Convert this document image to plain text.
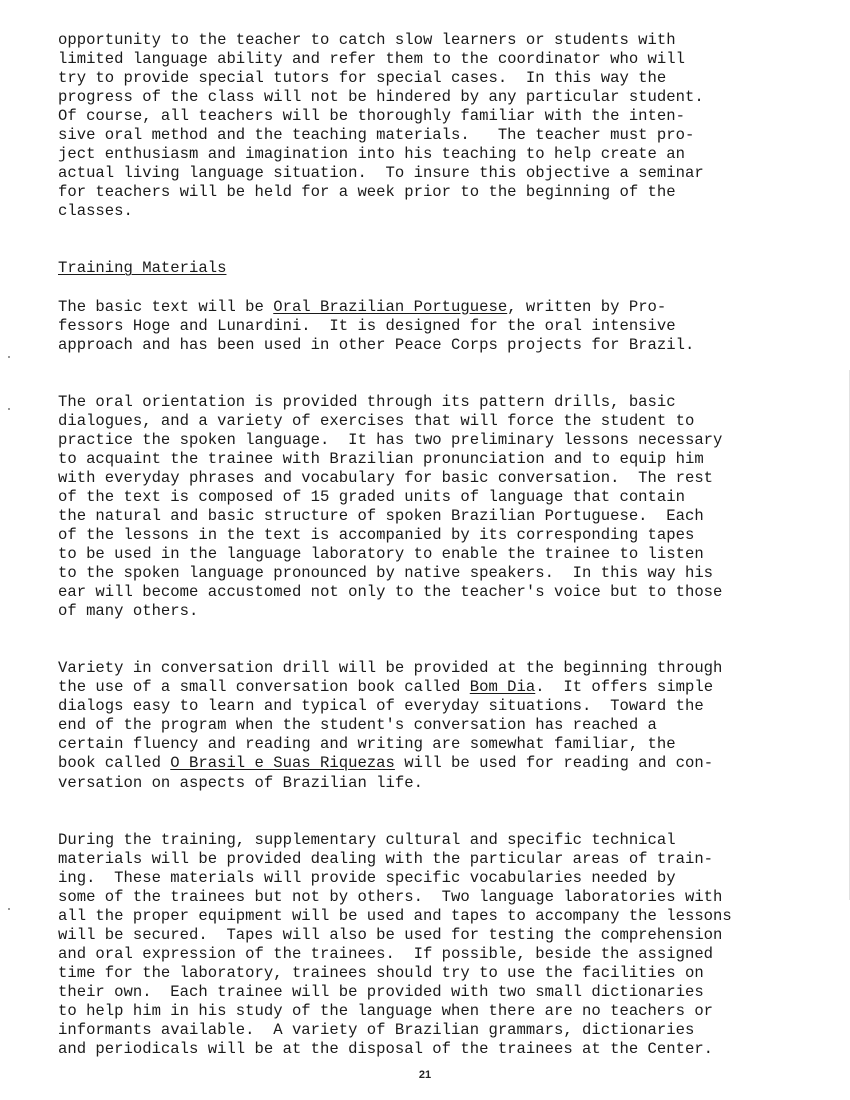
opportunity to the teacher to catch slow learners or students with

limited language ability and refer them to the coordinator who will

try to provide special tutors for special cases.  In this way the

progress of the class will not be hindered by any particular student.

Of course, all teachers will be thoroughly familiar with the inten-

sive oral method and the teaching materials.   The teacher must pro-

ject enthusiasm and imagination into his teaching to help create an

actual living language situation.  To insure this objective a seminar

for teachers will be held for a week prior to the beginning of the

classes.

Training Materials

The basic text will be Oral Brazilian Portuguese, written by Pro-

fessors Hoge and Lunardini.  It is designed for the oral intensive

approach and has been used in other Peace Corps projects for Brazil.

The oral orientation is provided through its pattern drills, basic

dialogues, and a variety of exercises that will force the student to

practice the spoken language.  It has two preliminary lessons necessary

to acquaint the trainee with Brazilian pronunciation and to equip him

with everyday phrases and vocabulary for basic conversation.  The rest

of the text is composed of 15 graded units of language that contain

the natural and basic structure of spoken Brazilian Portuguese.  Each

of the lessons in the text is accompanied by its corresponding tapes

to be used in the language laboratory to enable the trainee to listen

to the spoken language pronounced by native speakers.  In this way his

ear will become accustomed not only to the teacher's voice but to those

of many others.

Variety in conversation drill will be provided at the beginning through

the use of a small conversation book called Bom Dia.  It offers simple

dialogs easy to learn and typical of everyday situations.  Toward the

end of the program when the student's conversation has reached a

certain fluency and reading and writing are somewhat familiar, the

book called O Brasil e Suas Riquezas will be used for reading and con-

versation on aspects of Brazilian life.

During the training, supplementary cultural and specific technical

materials will be provided dealing with the particular areas of train-

ing.  These materials will provide specific vocabularies needed by

some of the trainees but not by others.  Two language laboratories with

all the proper equipment will be used and tapes to accompany the lessons

will be secured.  Tapes will also be used for testing the comprehension

and oral expression of the trainees.  If possible, beside the assigned

time for the laboratory, trainees should try to use the facilities on

their own.  Each trainee will be provided with two small dictionaries

to help him in his study of the language when there are no teachers or

informants available.  A variety of Brazilian grammars, dictionaries

and periodicals will be at the disposal of the trainees at the Center.

21
